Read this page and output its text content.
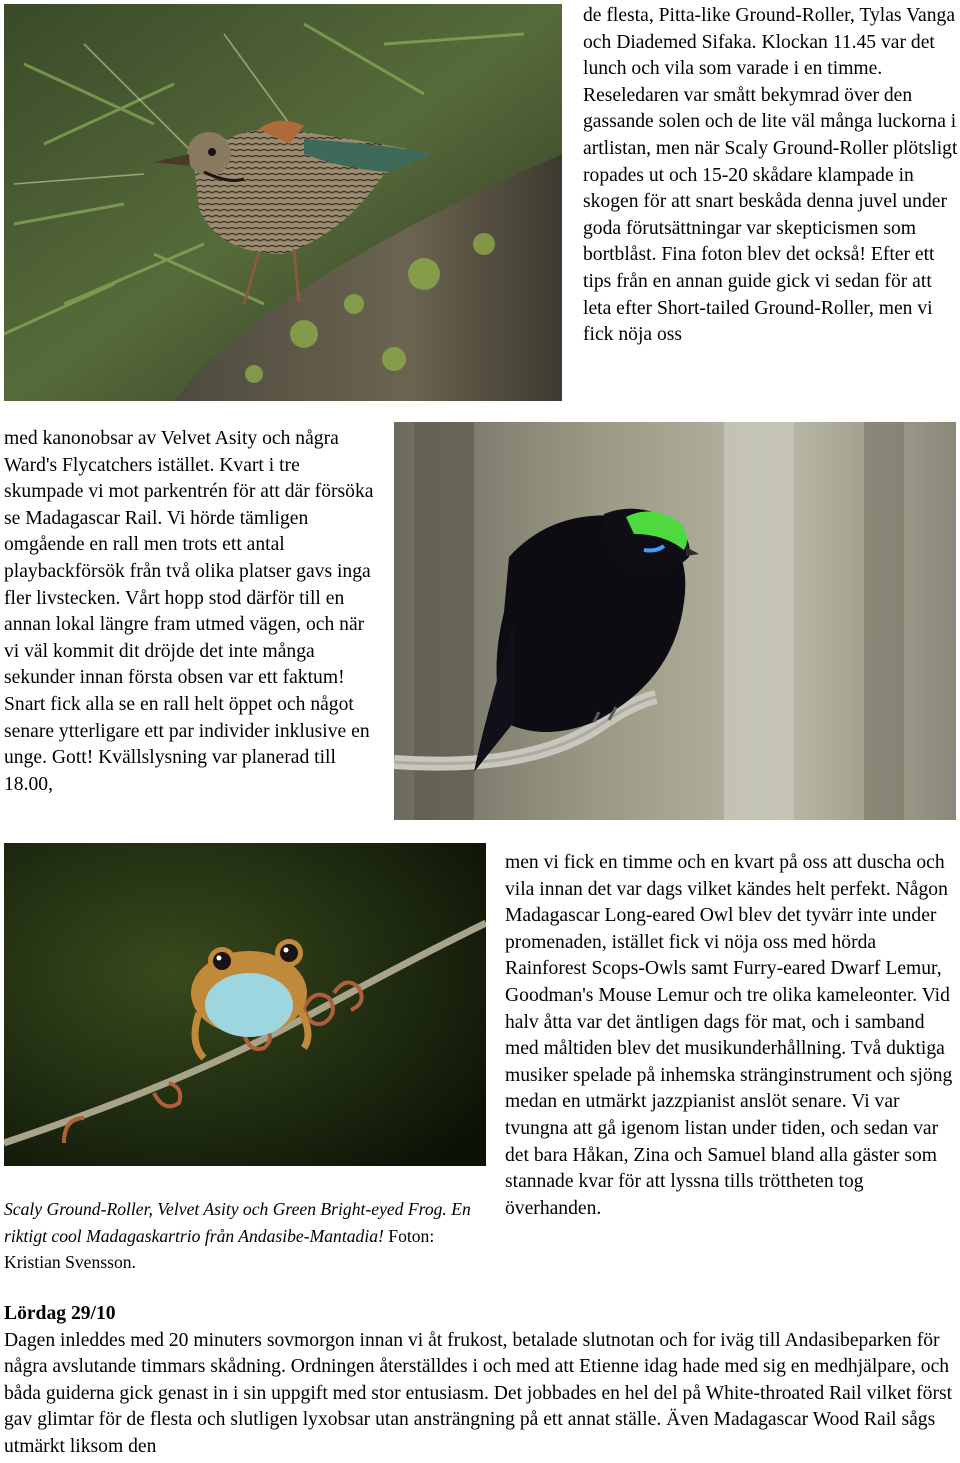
de flesta, Pitta-like Ground-Roller, Tylas Vanga och Diademed Sifaka. Klockan 11.45 var det lunch och vila som varade i en timme. Reseledaren var smått bekymrad över den gassande solen och de lite väl många luckorna i artlistan, men när Scaly Ground-Roller plötsligt ropades ut och 15-20 skådare klampade in skogen för att snart beskåda denna juvel under goda förutsättningar var skepticismen som bortblåst. Fina foton blev det också! Efter ett tips från en annan guide gick vi sedan för att leta efter Short-tailed Ground-Roller, men vi fick nöja oss

med kanonobsar av Velvet Asity och några Ward's Flycatchers istället. Kvart i tre skumpade vi mot parkentrén för att där försöka se Madagascar Rail. Vi hörde tämligen omgående en rall men trots ett antal playbackförsök från två olika platser gavs inga fler livstecken. Vårt hopp stod därför till en annan lokal längre fram utmed vägen, och när vi väl kommit dit dröjde det inte många sekunder innan första obsen var ett faktum! Snart fick alla se en rall helt öppet och något senare ytterligare ett par individer inklusive en unge. Gott! Kvällslysning var planerad till 18.00,

Scaly Ground-Roller, Velvet Asity och Green Bright-eyed Frog. En riktigt cool Madagaskartrio från Andasibe-Mantadia! Foton: Kristian Svensson.

men vi fick en timme och en kvart på oss att duscha och vila innan det var dags vilket kändes helt perfekt. Någon Madagascar Long-eared Owl blev det tyvärr inte under promenaden, istället fick vi nöja oss med hörda Rainforest Scops-Owls samt Furry-eared Dwarf Lemur, Goodman's Mouse Lemur och tre olika kameleonter. Vid halv åtta var det äntligen dags för mat, och i samband med måltiden blev det musikunderhållning. Två duktiga musiker spelade på inhemska stränginstrument och sjöng medan en utmärkt jazzpianist anslöt senare. Vi var tvungna att gå igenom listan under tiden, och sedan var det bara Håkan, Zina och Samuel bland alla gäster som stannade kvar för att lyssna tills tröttheten tog överhanden.

Lördag 29/10
Dagen inleddes med 20 minuters sovmorgon innan vi åt frukost, betalade slutnotan och for iväg till Andasibeparken för några avslutande timmars skådning. Ordningen återställdes i och med att Etienne idag hade med sig en medhjälpare, och båda guiderna gick genast in i sin uppgift med stor entusiasm. Det jobbades en hel del på White-throated Rail vilket först gav glimtar för de flesta och slutligen lyxobsar utan ansträngning på ett annat ställe. Även Madagascar Wood Rail sågs utmärkt liksom den
